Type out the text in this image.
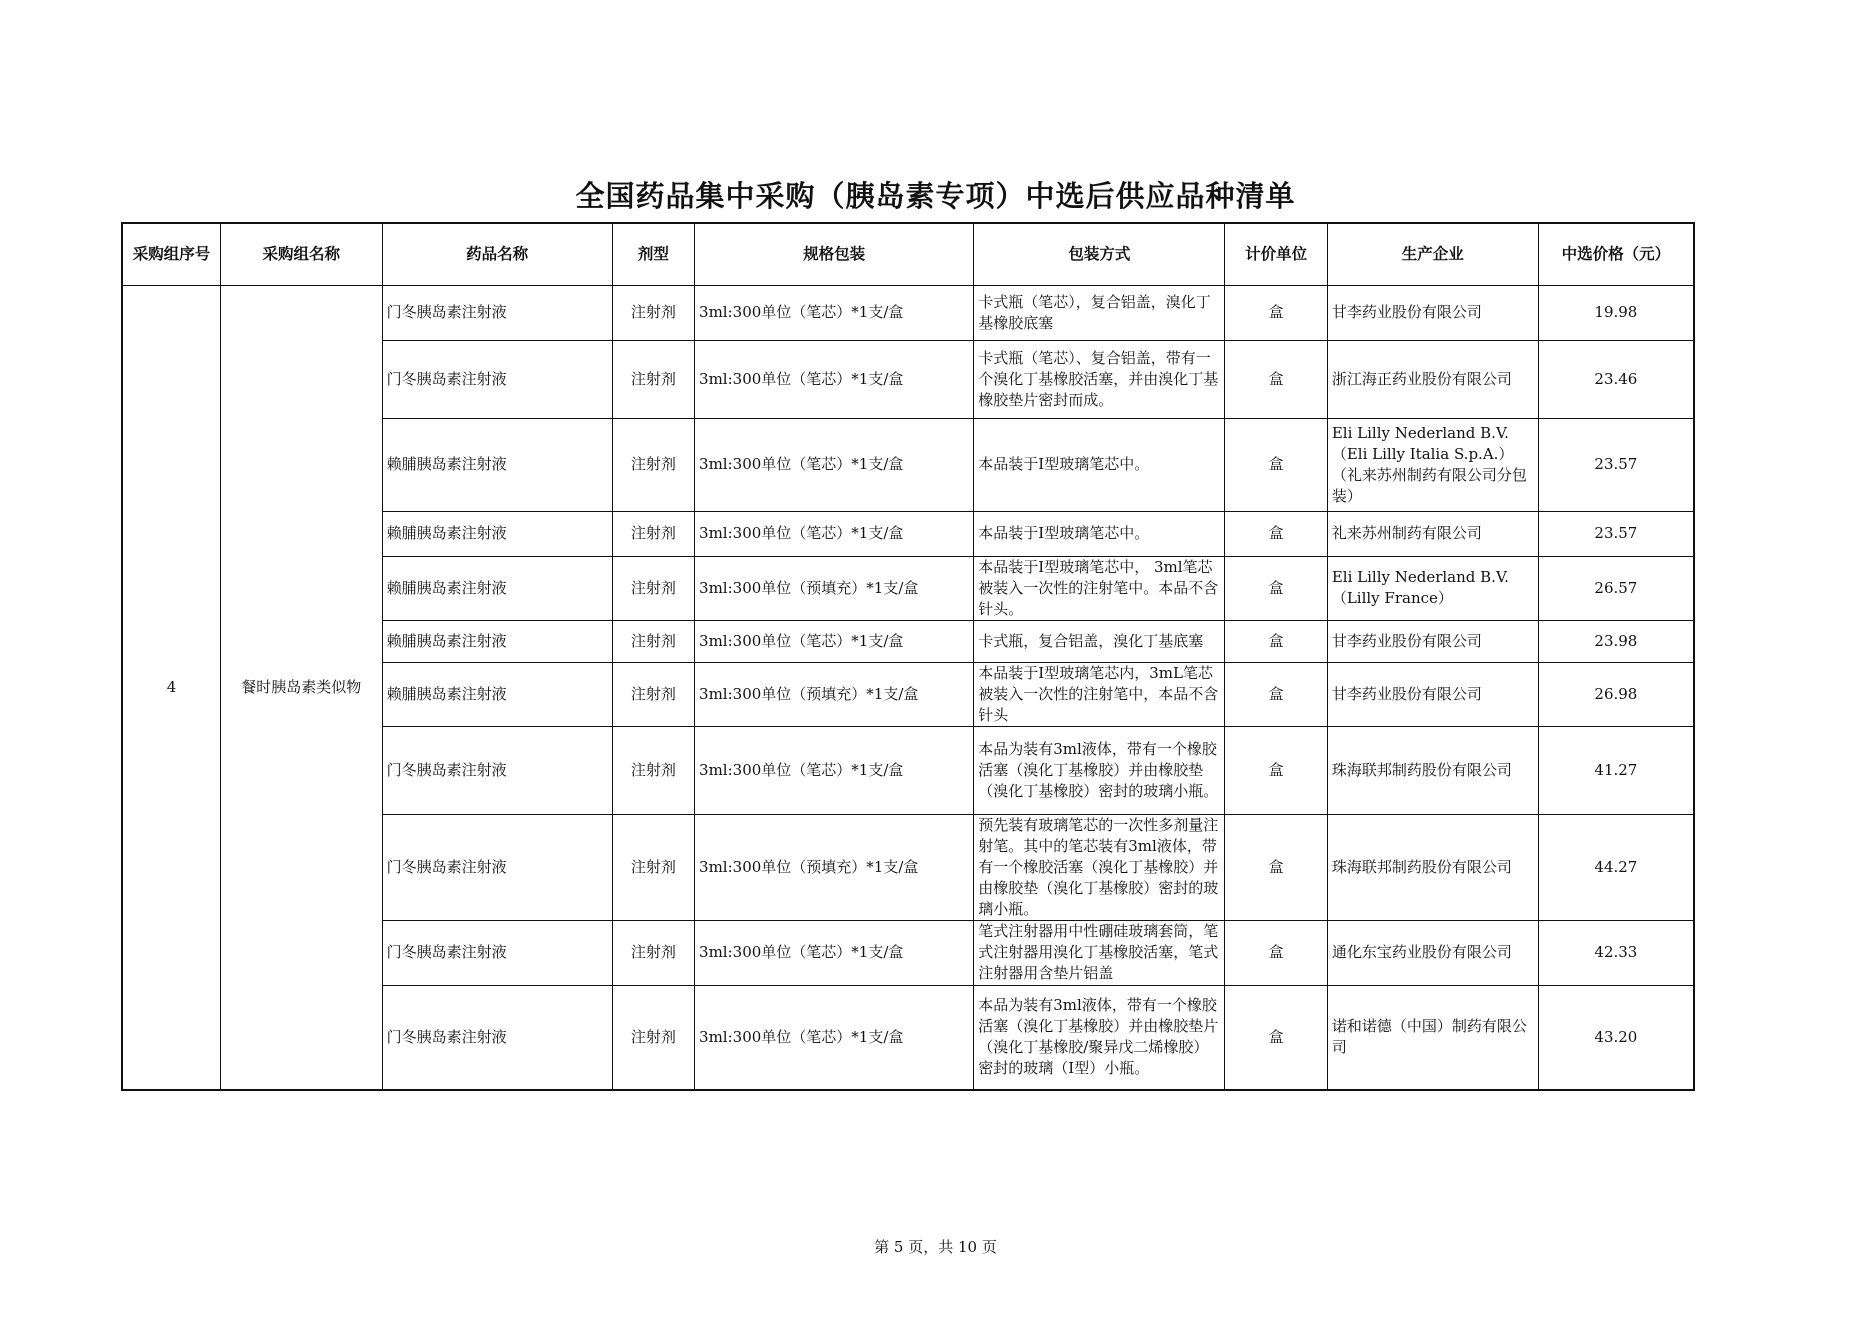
全国药品集中采购（胰岛素专项）中选后供应品种清单
采购组序号	采购组名称	药品名称	剂型	规格包装	包装方式	计价单位	生产企业	中选价格（元）
4	餐时胰岛素类似物	门冬胰岛素注射液	注射剂	3ml:300单位（笔芯）*1支/盒	卡式瓶（笔芯），复合铝盖，溴化丁基橡胶底塞	盒	甘李药业股份有限公司	19.98
		门冬胰岛素注射液	注射剂	3ml:300单位（笔芯）*1支/盒	卡式瓶（笔芯）、复合铝盖，带有一个溴化丁基橡胶活塞，并由溴化丁基橡胶垫片密封而成。	盒	浙江海正药业股份有限公司	23.46
		赖脯胰岛素注射液	注射剂	3ml:300单位（笔芯）*1支/盒	本品装于Ⅰ型玻璃笔芯中。	盒	Eli Lilly Nederland B.V.（Eli Lilly Italia S.p.A.）（礼来苏州制药有限公司分包装）	23.57
		赖脯胰岛素注射液	注射剂	3ml:300单位（笔芯）*1支/盒	本品装于Ⅰ型玻璃笔芯中。	盒	礼来苏州制药有限公司	23.57
		赖脯胰岛素注射液	注射剂	3ml:300单位（预填充）*1支/盒	本品装于Ⅰ型玻璃笔芯中， 3ml笔芯被装入一次性的注射笔中。本品不含针头。	盒	Eli Lilly Nederland B.V.（Lilly France）	26.57
		赖脯胰岛素注射液	注射剂	3ml:300单位（笔芯）*1支/盒	卡式瓶，复合铝盖，溴化丁基底塞	盒	甘李药业股份有限公司	23.98
		赖脯胰岛素注射液	注射剂	3ml:300单位（预填充）*1支/盒	本品装于Ⅰ型玻璃笔芯内，3mL笔芯被装入一次性的注射笔中，本品不含针头	盒	甘李药业股份有限公司	26.98
		门冬胰岛素注射液	注射剂	3ml:300单位（笔芯）*1支/盒	本品为装有3ml液体，带有一个橡胶活塞（溴化丁基橡胶）并由橡胶垫（溴化丁基橡胶）密封的玻璃小瓶。	盒	珠海联邦制药股份有限公司	41.27
		门冬胰岛素注射液	注射剂	3ml:300单位（预填充）*1支/盒	预先装有玻璃笔芯的一次性多剂量注射笔。其中的笔芯装有3ml液体，带有一个橡胶活塞（溴化丁基橡胶）并由橡胶垫（溴化丁基橡胶）密封的玻璃小瓶。	盒	珠海联邦制药股份有限公司	44.27
		门冬胰岛素注射液	注射剂	3ml:300单位（笔芯）*1支/盒	笔式注射器用中性硼硅玻璃套筒，笔式注射器用溴化丁基橡胶活塞，笔式注射器用含垫片铝盖	盒	通化东宝药业股份有限公司	42.33
		门冬胰岛素注射液	注射剂	3ml:300单位（笔芯）*1支/盒	本品为装有3ml液体，带有一个橡胶活塞（溴化丁基橡胶）并由橡胶垫片（溴化丁基橡胶/聚异戊二烯橡胶）密封的玻璃（Ⅰ型）小瓶。	盒	诺和诺德（中国）制药有限公司	43.20
第 5 页，共 10 页
